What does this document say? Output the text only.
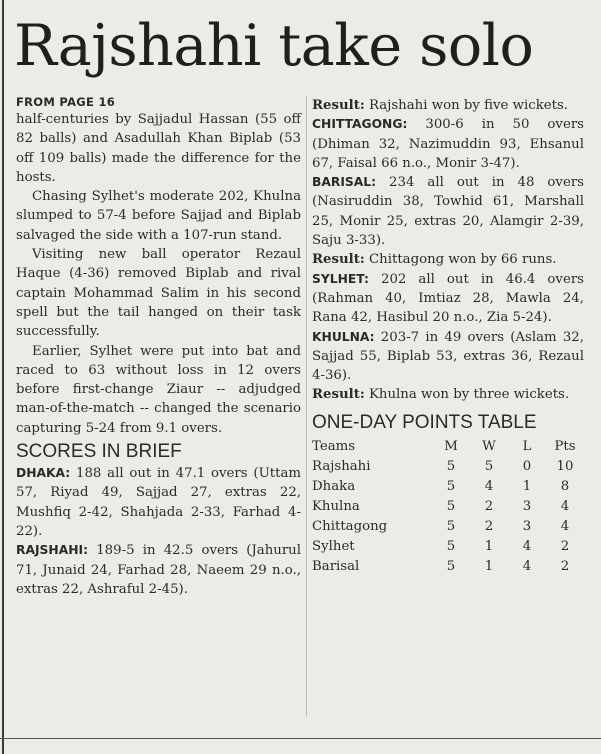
Rajshahi take solo
FROM PAGE 16

half-centuries by Sajjadul Hassan (55 off 82 balls) and Asadullah Khan Biplab (53 off 109 balls) made the difference for the hosts.

Chasing Sylhet's moderate 202, Khulna slumped to 57-4 before Sajjad and Biplab salvaged the side with a 107-run stand.

Visiting new ball operator Rezaul Haque (4-36) removed Biplab and rival captain Mohammad Salim in his second spell but the tail hanged on their task successfully.

Earlier, Sylhet were put into bat and raced to 63 without loss in 12 overs before first-change Ziaur -- adjudged man-of-the-match -- changed the scenario capturing 5-24 from 9.1 overs.

SCORES IN BRIEF

DHAKA: 188 all out in 47.1 overs (Uttam 57, Riyad 49, Sajjad 27, extras 22, Mushfiq 2-42, Shahjada 2-33, Farhad 4-22).

RAJSHAHI: 189-5 in 42.5 overs (Jahurul 71, Junaid 24, Farhad 28, Naeem 29 n.o., extras 22, Ashraful 2-45).

Result: Rajshahi won by five wickets.

CHITTAGONG: 300-6 in 50 overs (Dhiman 32, Nazimuddin 93, Ehsanul 67, Faisal 66 n.o., Monir 3-47).

BARISAL: 234 all out in 48 overs (Nasiruddin 38, Towhid 61, Marshall 25, Monir 25, extras 20, Alamgir 2-39, Saju 3-33).

Result: Chittagong won by 66 runs.

SYLHET: 202 all out in 46.4 overs (Rahman 40, Imtiaz 28, Mawla 24, Rana 42, Hasibul 20 n.o., Zia 5-24).

KHULNA: 203-7 in 49 overs (Aslam 32, Sajjad 55, Biplab 53, extras 36, Rezaul 4-36).

Result: Khulna won by three wickets.

ONE-DAY POINTS TABLE
Teams	M	W	L	Pts
Rajshahi	5	5	0	10
Dhaka	5	4	1	8
Khulna	5	2	3	4
Chittagong	5	2	3	4
Sylhet	5	1	4	2
Barisal	5	1	4	2
